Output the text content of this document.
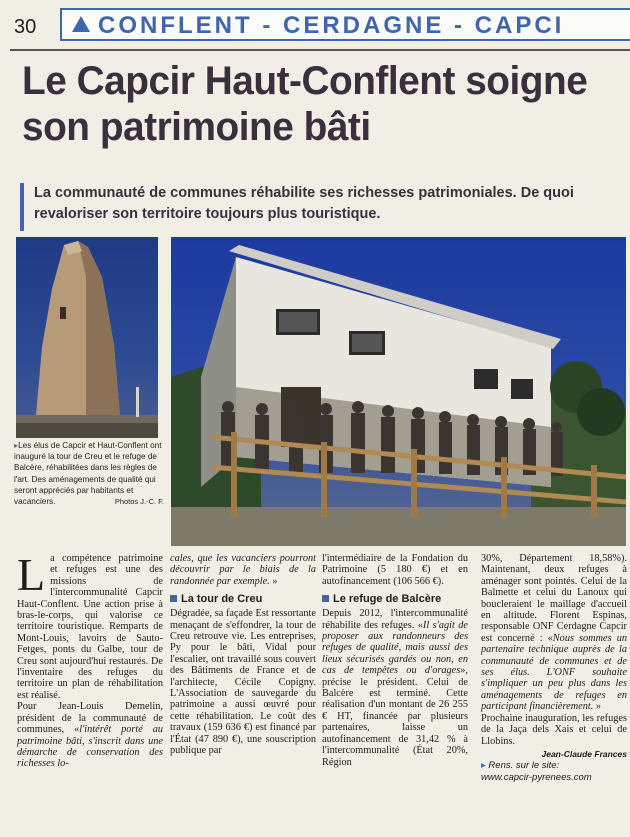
30	CONFLENT - CERDAGNE - CAPCI
Le Capcir Haut-Conflent soigne son patrimoine bâti
La communauté de communes réhabilite ses richesses patrimoniales. De quoi revaloriser son territoire toujours plus touristique.
▸Les élus de Capcir et Haut-Conflent ont inauguré la tour de Creu et le refuge de Balcère, réhabilitées dans les règles de l'art. Des aménagements de qualité qui seront appréciés par habitants et vacanciers.	Photos J.-C. F.

La compétence patrimoine et refuges est une des missions de l'intercommunalité Capcir Haut-Conflent. Une action prise à bras-le-corps, qui valorise ce territoire touristique. Remparts de Mont-Louis, lavoirs de Sauto-Fetges, ponts du Galbe, tour de Creu sont aujourd'hui restaurés. De l'inventaire des refuges du territoire un plan de réhabilitation est réalisé.

Pour Jean-Louis Demelin, président de la communauté de communes, «l'intérêt porté au patrimoine bâti, s'inscrit dans une démarche de conservation des richesses lo-

cales, que les vacanciers pourront découvrir par le biais de la randonnée par exemple. »

La tour de Creu

Dégradée, sa façade Est ressortante menaçant de s'effondrer, la tour de Creu retrouve vie. Les entreprises, Py pour le bâti, Vidal pour l'escalier, ont travaillé sous couvert des Bâtiments de France et de l'architecte, Cécile Copigny. L'Association de sauvegarde du patrimoine a aussi œuvré pour cette réhabilitation. Le coût des travaux (159 636 €) est financé par l'État (47 890 €), une souscription publique par

l'intermédiaire de la Fondation du Patrimoine (5 180 €) et en autofinancement (106 566 €).

Le refuge de Balcère

Depuis 2012, l'intercommunalité réhabilite des refuges. «Il s'agit de proposer aux randonneurs des refuges de qualité, mais aussi des lieux sécurisés gardés ou non, en cas de tempêtes ou d'orages», précise le président. Celui de Balcère est terminé. Cette réalisation d'un montant de 26 255 € HT, financée par plusieurs partenaires, laisse un autofinancement de 31,42 % à l'intercommunalité (État 20%, Région

30%, Département 18,58%). Maintenant, deux refuges à aménager sont pointés. Celui de la Balmette et celui du Lanoux qui boucleraient le maillage d'accueil en altitude. Florent Espinas, responsable ONF Cerdagne Capcir est concerné : «Nous sommes un partenaire technique auprès de la communauté de communes et de ses élus. L'ONF souhaite s'impliquer un peu plus dans les aménagements de refuges en participant financièrement. »

Prochaine inauguration, les refuges de la Jaça dels Xais et celui de Llobins.

Jean-Claude Frances
▸ Rens. sur le site:
www.capcir-pyrenees.com
